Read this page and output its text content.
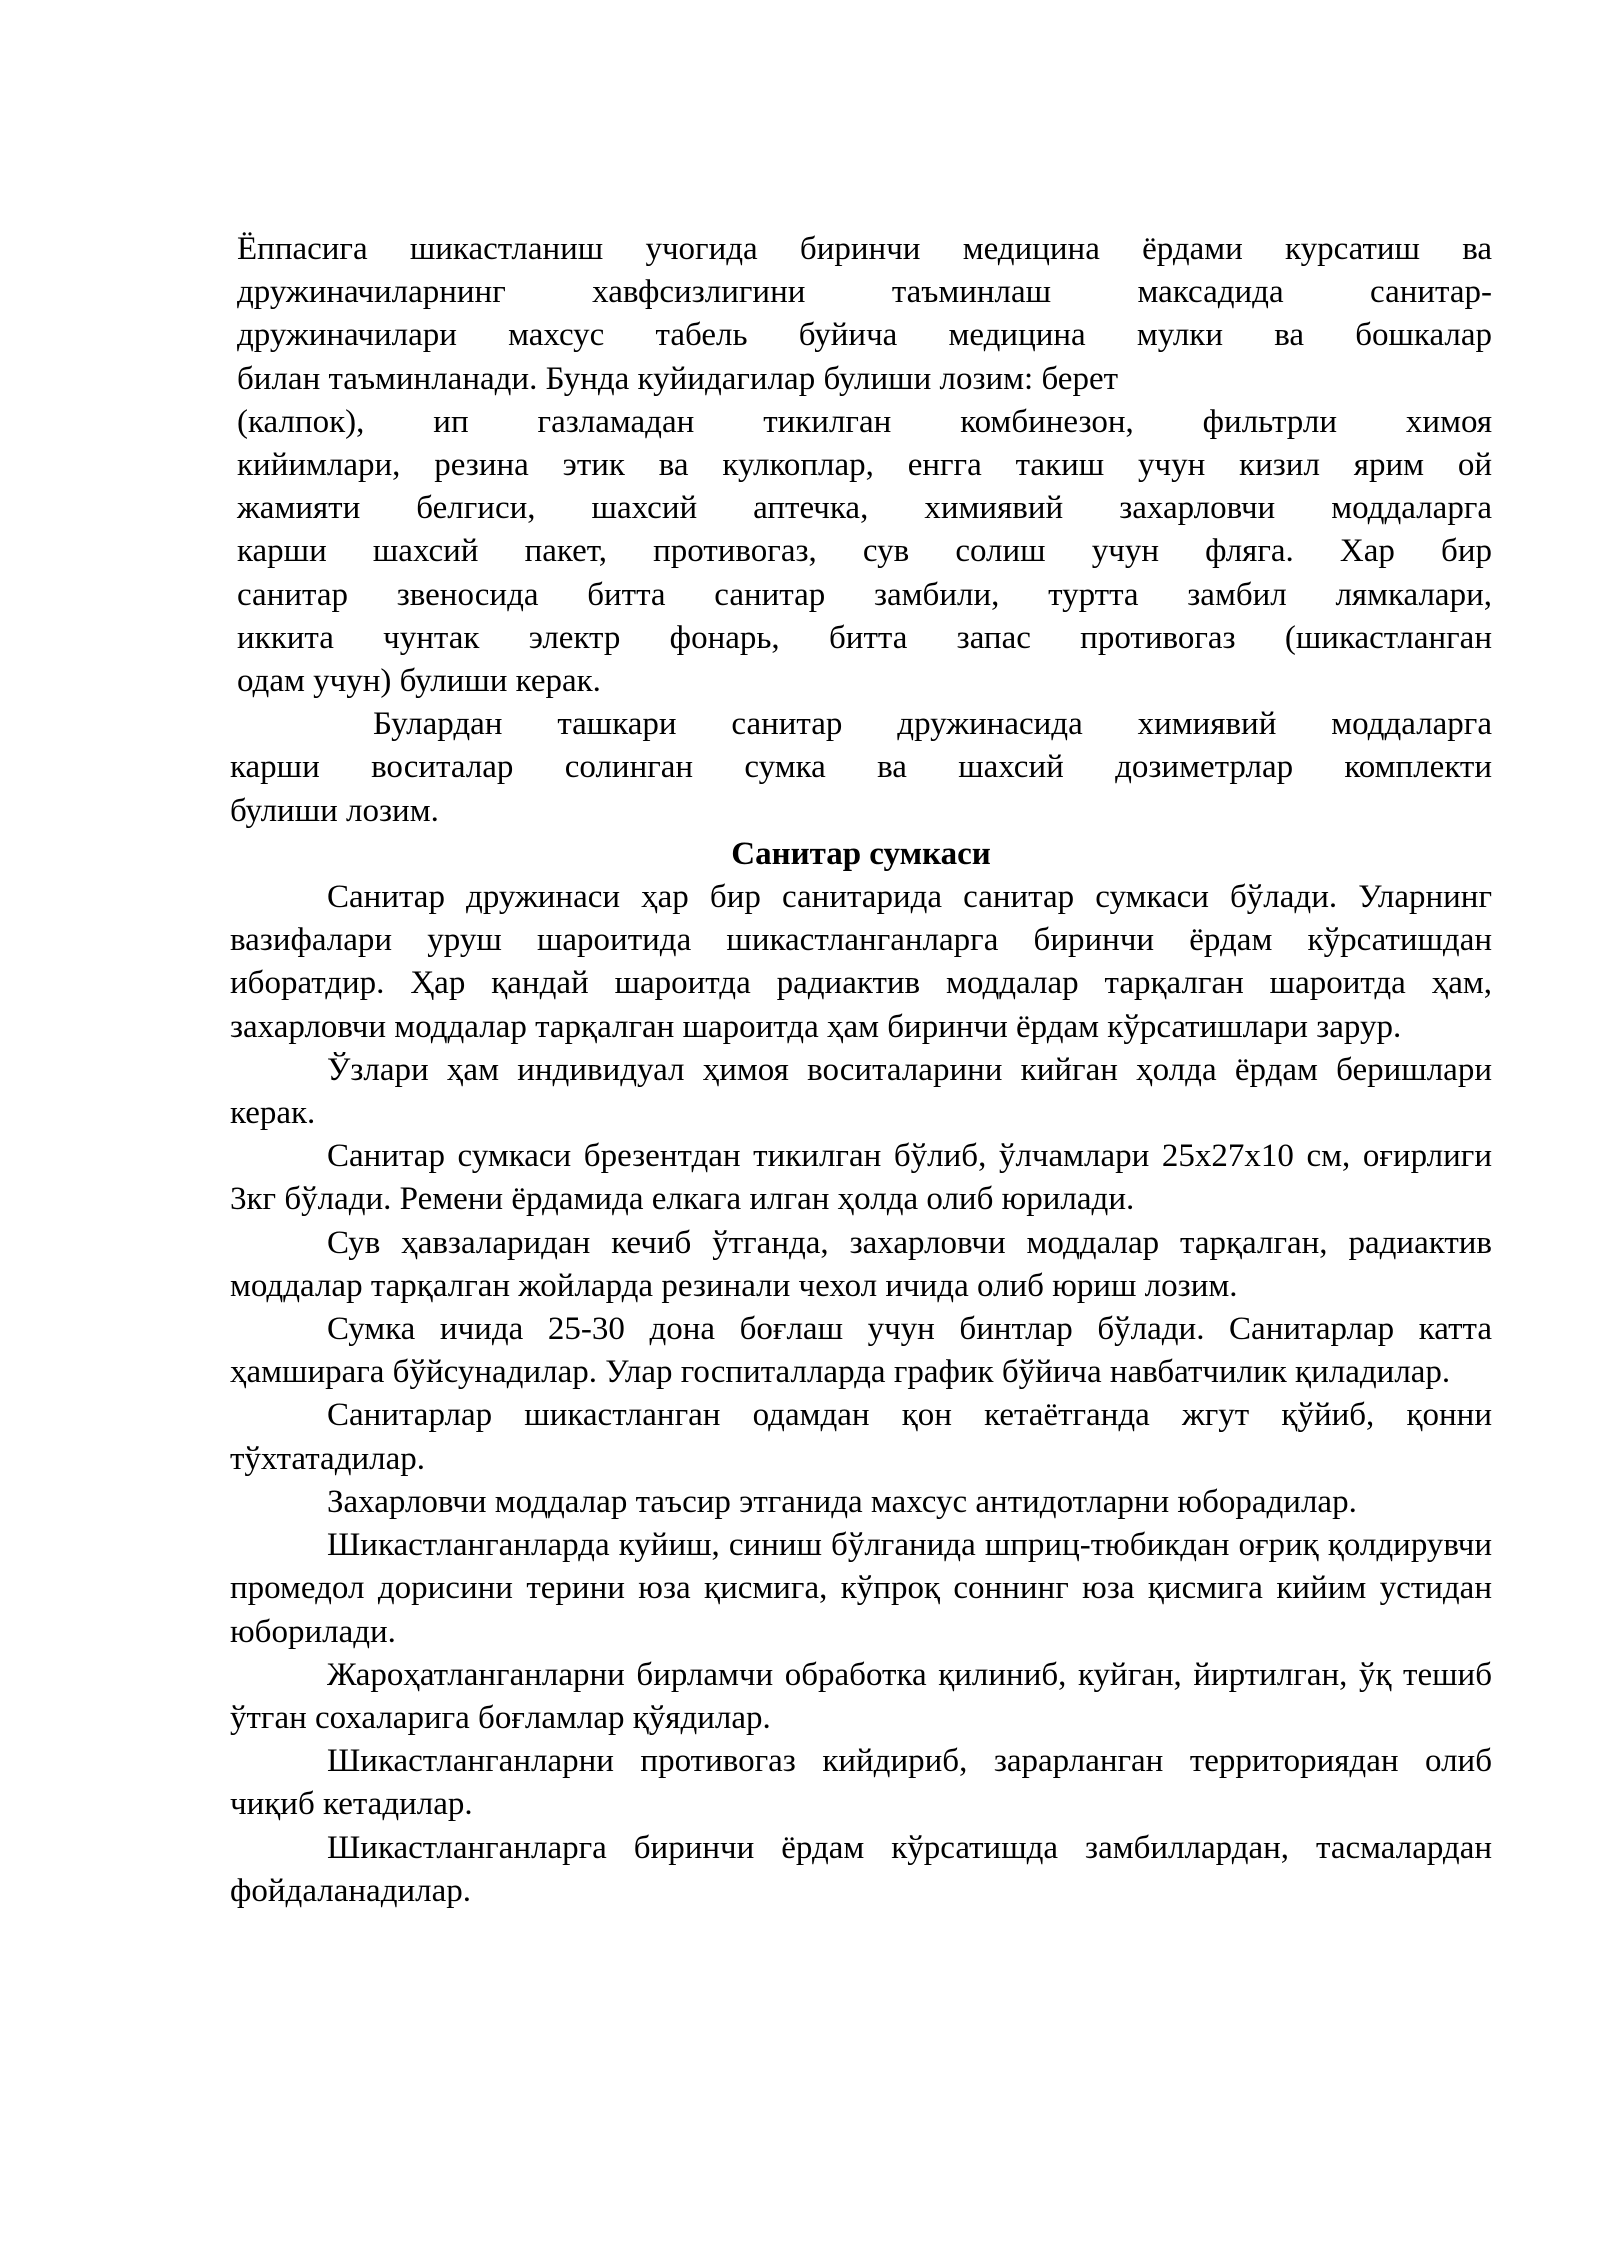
Ёппасига шикастланиш учогида биринчи медицина ёрдами курсатиш ва
дружиначиларнинг хавфсизлигини таъминлаш максадида санитар-
дружиначилари махсус табель буйича медицина мулки ва бошкалар
билан таъминланади. Бунда куйидагилар булиши лозим: берет
(калпок), ип газламадан тикилган комбинезон, фильтрли химоя
кийимлари, резина этик ва кулкоплар, енгга такиш учун кизил ярим ой
жамияти белгиси, шахсий аптечка, химиявий захарловчи моддаларга
карши шахсий пакет, противогаз, сув солиш учун фляга. Хар бир
санитар звеносида битта санитар замбили, туртта замбил лямкалари,
иккита чунтак электр фонарь, битта запас противогаз (шикастланган
одам учун) булиши керак.

Булардан ташкари санитар дружинасида химиявий моддаларга
карши воситалар солинган сумка ва шахсий дозиметрлар комплекти
булиши лозим.

Санитар сумкаси

Санитар дружинаси ҳар бир санитарида санитар сумкаси бўлади. Уларнинг вазифалари уруш шароитида шикастланганларга биринчи ёрдам кўрсатишдан иборатдир. Ҳар қандай шароитда радиактив моддалар тарқалган шароитда ҳам, захарловчи моддалар тарқалган шароитда ҳам биринчи ёрдам кўрсатишлари зарур.

Ўзлари ҳам индивидуал ҳимоя воситаларини кийган ҳолда ёрдам беришлари керак.

Санитар сумкаси брезентдан тикилган бўлиб, ўлчамлари 25х27х10 см, оғирлиги 3кг бўлади. Ремени ёрдамида елкага илган ҳолда олиб юрилади.

Сув ҳавзаларидан кечиб ўтганда, захарловчи моддалар тарқалган, радиактив моддалар тарқалган жойларда резинали чехол ичида олиб юриш лозим.

Сумка ичида 25-30 дона боғлаш учун бинтлар бўлади. Санитарлар катта ҳамширага бўйсунадилар. Улар госпиталларда график бўйича навбатчилик қиладилар.

Санитарлар шикастланган одамдан қон кетаётганда жгут қўйиб, қонни тўхтатадилар.

Захарловчи моддалар таъсир этганида махсус антидотларни юборадилар.

Шикастланганларда куйиш, синиш бўлганида шприц-тюбикдан оғриқ қолдирувчи промедол дорисини терини юза қисмига, кўпроқ соннинг юза қисмига кийим устидан юборилади.

Жароҳатланганларни бирламчи обработка қилиниб, куйган, йиртилган, ўқ тешиб ўтган сохаларига боғламлар қўядилар.

Шикастланганларни противогаз кийдириб, зарарланган территориядан олиб чиқиб кетадилар.

Шикастланганларга биринчи ёрдам кўрсатишда замбиллардан, тасмалардан фойдаланадилар.
